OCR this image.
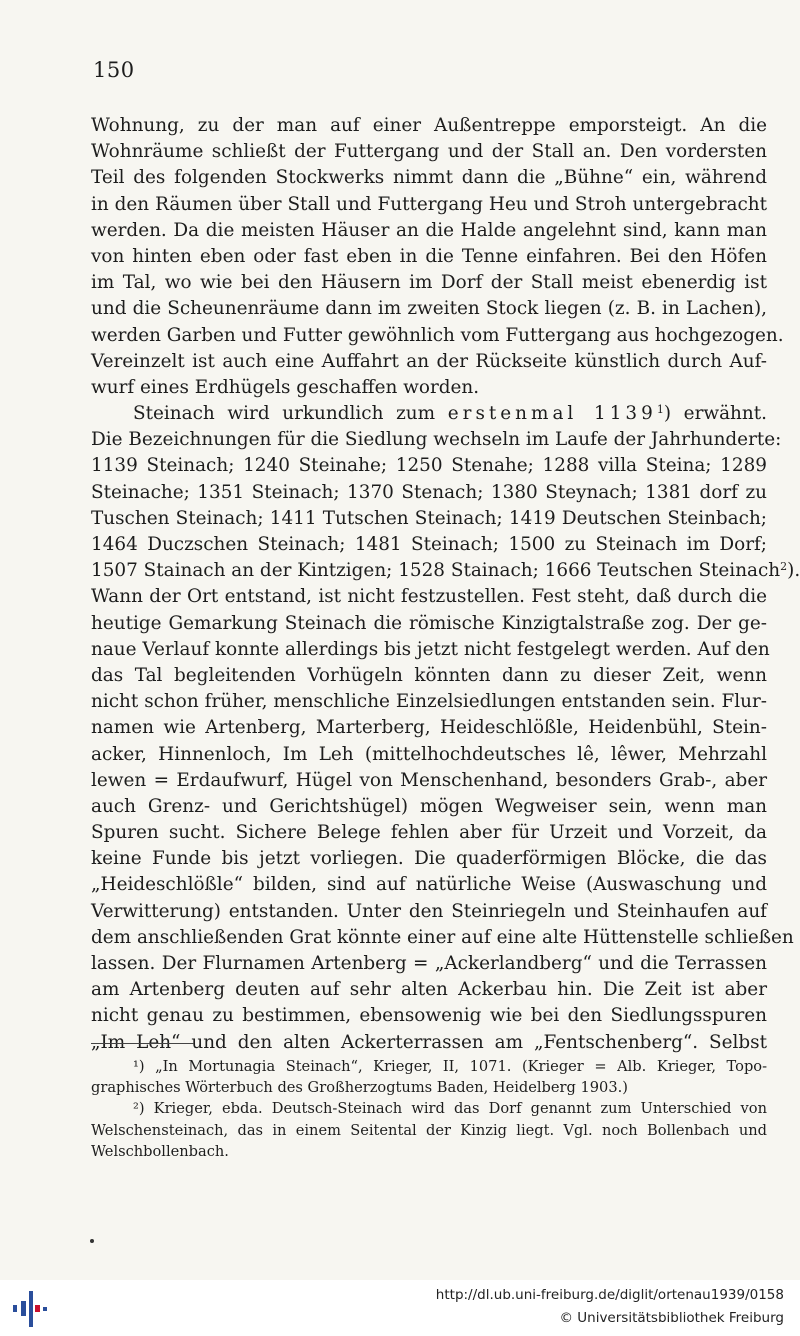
150

Wohnung, zu der man auf einer Außentreppe emporsteigt. An die
Wohnräume schließt der Futtergang und der Stall an. Den vordersten
Teil des folgenden Stockwerks nimmt dann die „Bühne“ ein, während
in den Räumen über Stall und Futtergang Heu und Stroh untergebracht
werden. Da die meisten Häuser an die Halde angelehnt sind, kann man
von hinten eben oder fast eben in die Tenne einfahren. Bei den Höfen
im Tal, wo wie bei den Häusern im Dorf der Stall meist ebenerdig ist
und die Scheunenräume dann im zweiten Stock liegen (z. B. in Lachen),
werden Garben und Futter gewöhnlich vom Futtergang aus hochgezogen.
Vereinzelt ist auch eine Auffahrt an der Rückseite künstlich durch Auf-
wurf eines Erdhügels geschaffen worden.

Steinach wird urkundlich zum erstenmal 1139$^1$) erwähnt.
Die Bezeichnungen für die Siedlung wechseln im Laufe der Jahrhunderte:
1139 Steinach; 1240 Steinahe; 1250 Stenahe; 1288 villa Steina; 1289
Steinache; 1351 Steinach; 1370 Stenach; 1380 Steynach; 1381 dorf zu
Tuschen Steinach; 1411 Tutschen Steinach; 1419 Deutschen Steinbach;
1464 Duczschen Steinach; 1481 Steinach; 1500 zu Steinach im Dorf;
1507 Stainach an der Kintzigen; 1528 Stainach; 1666 Teutschen Steinach$^2$).
Wann der Ort entstand, ist nicht festzustellen. Fest steht, daß durch die
heutige Gemarkung Steinach die römische Kinzigtalstraße zog. Der ge-
naue Verlauf konnte allerdings bis jetzt nicht festgelegt werden. Auf den
das Tal begleitenden Vorhügeln könnten dann zu dieser Zeit, wenn
nicht schon früher, menschliche Einzelsiedlungen entstanden sein. Flur-
namen wie Artenberg, Marterberg, Heideschlößle, Heidenbühl, Stein-
acker, Hinnenloch, Im Leh (mittelhochdeutsches lê, lêwer, Mehrzahl
lewen = Erdaufwurf, Hügel von Menschenhand, besonders Grab-, aber
auch Grenz- und Gerichtshügel) mögen Wegweiser sein, wenn man
Spuren sucht. Sichere Belege fehlen aber für Urzeit und Vorzeit, da
keine Funde bis jetzt vorliegen. Die quaderförmigen Blöcke, die das
„Heideschlößle“ bilden, sind auf natürliche Weise (Auswaschung und
Verwitterung) entstanden. Unter den Steinriegeln und Steinhaufen auf
dem anschließenden Grat könnte einer auf eine alte Hüttenstelle schließen
lassen. Der Flurnamen Artenberg = „Ackerlandberg“ und die Terrassen
am Artenberg deuten auf sehr alten Ackerbau hin. Die Zeit ist aber
nicht genau zu bestimmen, ebensowenig wie bei den Siedlungsspuren
„Im Leh“ und den alten Ackerterrassen am „Fentschenberg“. Selbst

¹) „In Mortunagia Steinach“, Krieger, II, 1071. (Krieger = Alb. Krieger, Topo-
graphisches Wörterbuch des Großherzogtums Baden, Heidelberg 1903.)
²) Krieger, ebda. Deutsch-Steinach wird das Dorf genannt zum Unterschied von
Welschensteinach, das in einem Seitental der Kinzig liegt. Vgl. noch Bollenbach und
Welschbollenbach.
http://dl.ub.uni-freiburg.de/diglit/ortenau1939/0158
© Universitätsbibliothek Freiburg
